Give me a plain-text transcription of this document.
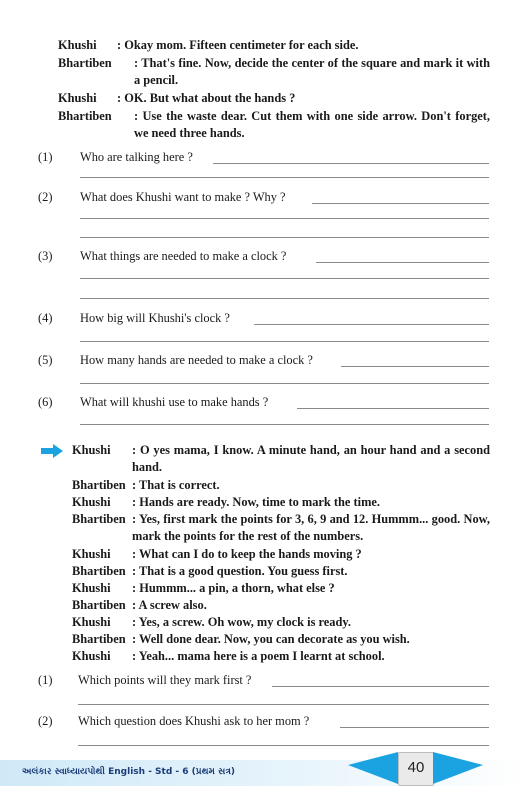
Khushi : Okay mom. Fifteen centimeter for each side.
Bhartiben : That's fine. Now, decide the center of the square and mark it with a pencil.
Khushi : OK. But what about the hands ?
Bhartiben : Use the waste dear. Cut them with one side arrow. Don't forget, we need three hands.
(1) Who are talking here ?
(2) What does Khushi want to make ? Why ?
(3) What things are needed to make a clock ?
(4) How big will Khushi's clock ?
(5) How many hands are needed to make a clock ?
(6) What will khushi use to make hands ?
Khushi : O yes mama, I know. A minute hand, an hour hand and a second hand.
Bhartiben : That is correct.
Khushi : Hands are ready. Now, time to mark the time.
Bhartiben : Yes, first mark the points for 3, 6, 9 and 12. Hummm... good. Now, mark the points for the rest of the numbers.
Khushi : What can I do to keep the hands moving ?
Bhartiben : That is a good question. You guess first.
Khushi : Hummm... a pin, a thorn, what else ?
Bhartiben : A screw also.
Khushi : Yes, a screw. Oh wow, my clock is ready.
Bhartiben : Well done dear. Now, you can decorate as you wish.
Khushi : Yeah... mama here is a poem I learnt at school.
(1) Which points will they mark first ?
(2) Which question does Khushi ask to her mom ?
અલંકાર સ્વાધ્યાયપોથી English - Std - 6 (પ્રથમ સત્ર)	40
